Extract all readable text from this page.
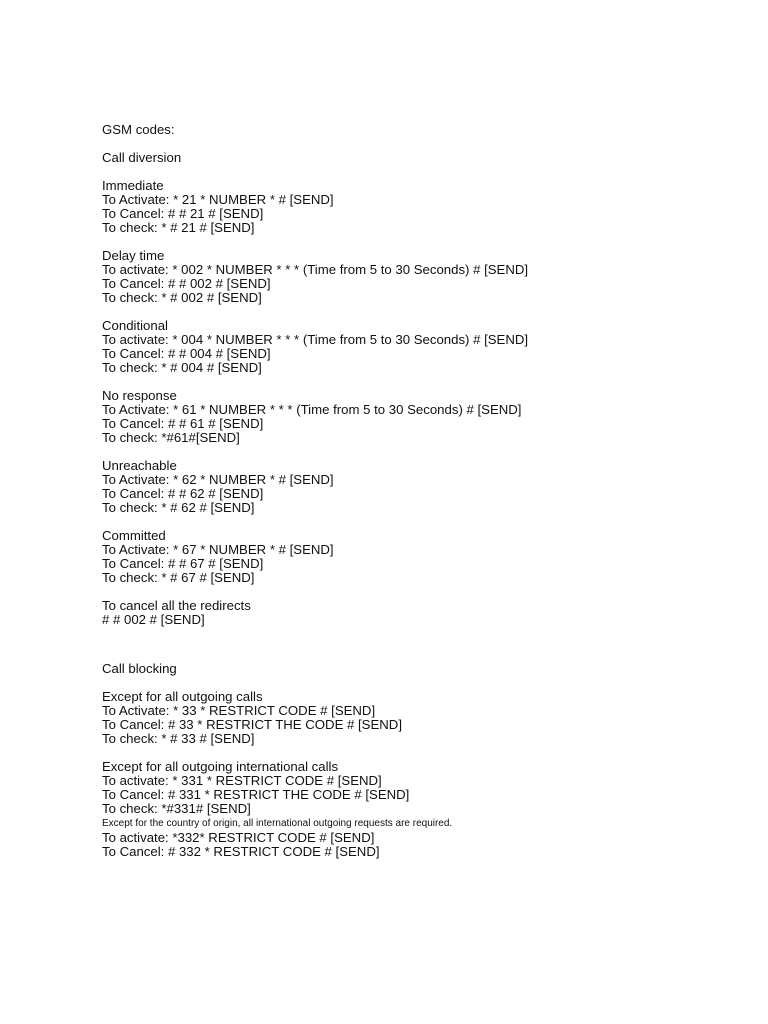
GSM codes:
Call diversion
Immediate
To Activate: * 21 * NUMBER * # [SEND]
To Cancel: # # 21 # [SEND]
To check: * # 21 # [SEND]
Delay time
To activate: * 002 * NUMBER * * * (Time from 5 to 30 Seconds) # [SEND]
To Cancel: # # 002 # [SEND]
To check: * # 002 # [SEND]
Conditional
To activate: * 004 * NUMBER * * * (Time from 5 to 30 Seconds) # [SEND]
To Cancel: # # 004 # [SEND]
To check: * # 004 # [SEND]
No response
To Activate: * 61 * NUMBER * * * (Time from 5 to 30 Seconds) # [SEND]
To Cancel: # # 61 # [SEND]
To check: *#61#[SEND]
Unreachable
To Activate: * 62 * NUMBER * # [SEND]
To Cancel: # # 62 # [SEND]
To check: * # 62 # [SEND]
Committed
To Activate: * 67 * NUMBER * # [SEND]
To Cancel: # # 67 # [SEND]
To check: * # 67 # [SEND]
To cancel all the redirects
# # 002 # [SEND]
Call blocking
Except for all outgoing calls
To Activate: * 33 * RESTRICT CODE # [SEND]
To Cancel: # 33 * RESTRICT THE CODE # [SEND]
To check: * # 33 # [SEND]
Except for all outgoing international calls
To activate: * 331 * RESTRICT CODE # [SEND]
To Cancel: # 331 * RESTRICT THE CODE # [SEND]
To check: *#331# [SEND]
Except for the country of origin, all international outgoing requests are required.
To activate: *332* RESTRICT CODE # [SEND]
To Cancel: # 332 * RESTRICT CODE # [SEND]
